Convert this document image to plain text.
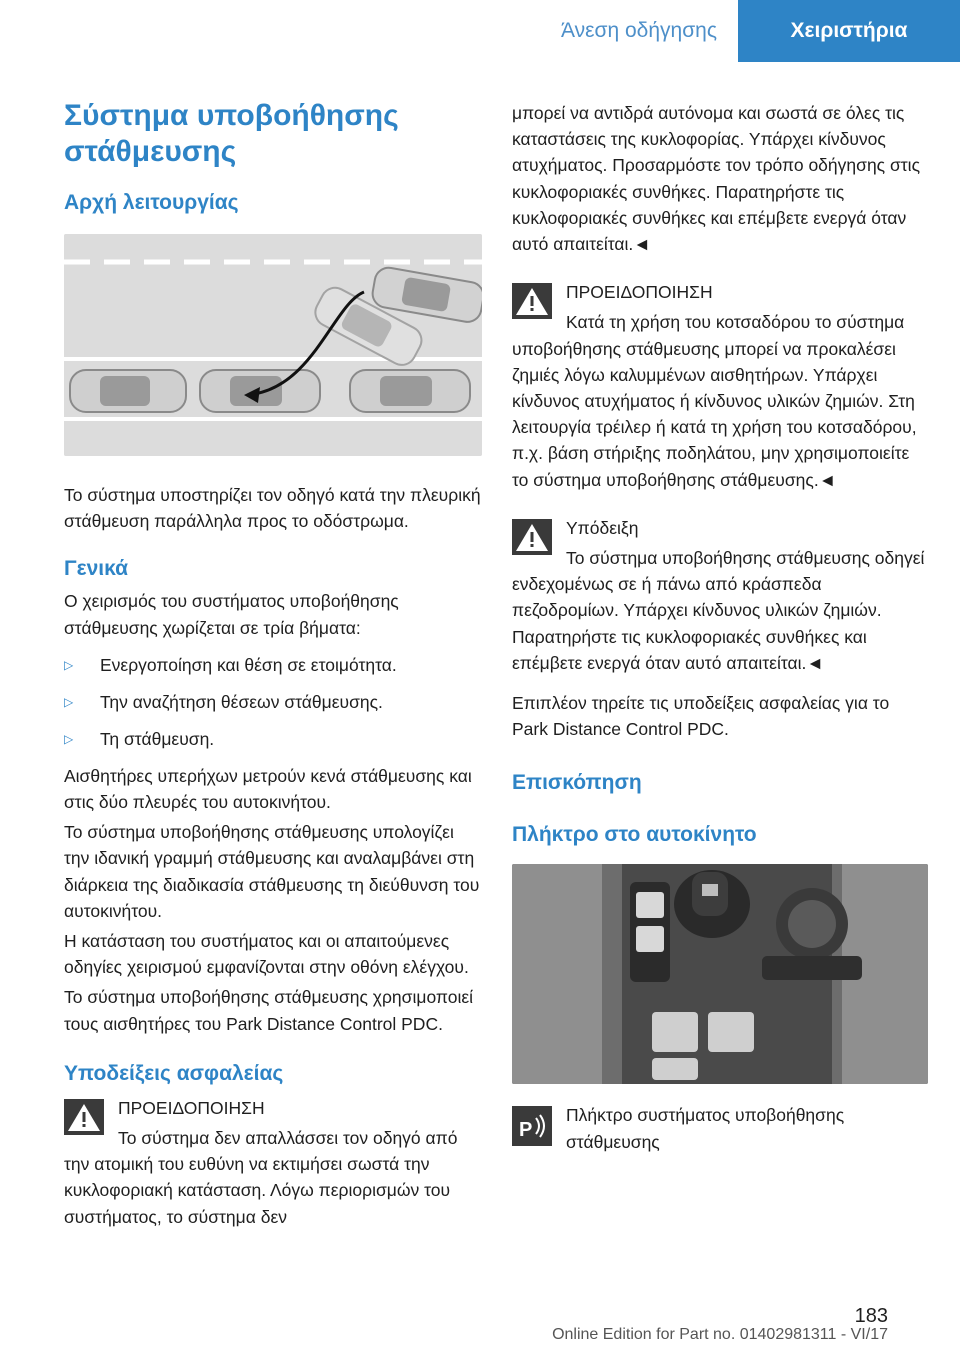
Άνεση οδήγησης	Χειριστήρια
Σύστημα υποβοήθησης στάθμευσης
Αρχή λειτουργίας

Το σύστημα υποστηρίζει τον οδηγό κατά την πλευρική στάθμευση παράλληλα προς το οδόστρωμα.

Γενικά

Ο χειρισμός του συστήματος υποβοήθησης στάθμευσης χωρίζεται σε τρία βήματα:

▷	Ενεργοποίηση και θέση σε ετοιμότητα.
▷	Την αναζήτηση θέσεων στάθμευσης.
▷	Τη στάθμευση.

Αισθητήρες υπερήχων μετρούν κενά στάθμευσης και στις δύο πλευρές του αυτοκινήτου.

Το σύστημα υποβοήθησης στάθμευσης υπολογίζει την ιδανική γραμμή στάθμευσης και αναλαμβάνει στη διάρκεια της διαδικασία στάθμευσης τη διεύθυνση του αυτοκινήτου.

Η κατάσταση του συστήματος και οι απαιτούμενες οδηγίες χειρισμού εμφανίζονται στην οθόνη ελέγχου.

Το σύστημα υποβοήθησης στάθμευσης χρησιμοποιεί τους αισθητήρες του Park Distance Control PDC.

Υποδείξεις ασφαλείας

ΠΡΟΕΙΔΟΠΟΙΗΣΗ

Το σύστημα δεν απαλλάσσει τον οδηγό από την ατομική του ευθύνη να εκτιμήσει σωστά την κυκλοφοριακή κατάσταση. Λόγω περιορισμών του συστήματος, το σύστημα δεν

μπορεί να αντιδρά αυτόνομα και σωστά σε όλες τις καταστάσεις της κυκλοφορίας. Υπάρχει κίνδυνος ατυχήματος. Προσαρμόστε τον τρόπο οδήγησης στις κυκλοφοριακές συνθήκες. Παρατηρήστε τις κυκλοφοριακές συνθήκες και επέμβετε ενεργά όταν αυτό απαιτείται.◄

ΠΡΟΕΙΔΟΠΟΙΗΣΗ

Κατά τη χρήση του κοτσαδόρου το σύστημα υποβοήθησης στάθμευσης μπορεί να προκαλέσει ζημιές λόγω καλυμμένων αισθητήρων. Υπάρχει κίνδυνος ατυχήματος ή κίνδυνος υλικών ζημιών. Στη λειτουργία τρέιλερ ή κατά τη χρήση του κοτσαδόρου, π.χ. βάση στήριξης ποδηλάτου, μην χρησιμοποιείτε το σύστημα υποβοήθησης στάθμευσης.◄

Υπόδειξη

Το σύστημα υποβοήθησης στάθμευσης οδηγεί ενδεχομένως σε ή πάνω από κράσπεδα πεζοδρομίων. Υπάρχει κίνδυνος υλικών ζημιών. Παρατηρήστε τις κυκλοφοριακές συνθήκες και επέμβετε ενεργά όταν αυτό απαιτείται.◄

Επιπλέον τηρείτε τις υποδείξεις ασφαλείας για το Park Distance Control PDC.

Επισκόπηση
Πλήκτρο στο αυτοκίνητο
P

Πλήκτρο συστήματος υποβοήθησης στάθμευσης

183
Online Edition for Part no. 01402981311 - VI/17
